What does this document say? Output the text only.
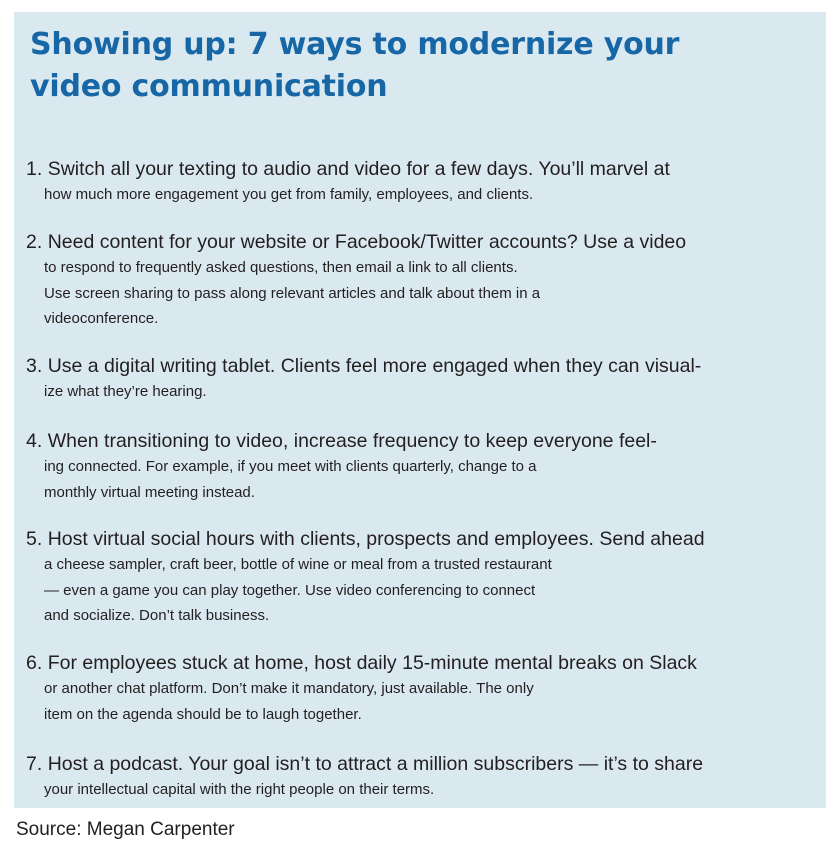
Showing up: 7 ways to modernize your
video communication
1. Switch all your texting to audio and video for a few days. You’ll marvel at
how much more engagement you get from family, employees, and clients.
2. Need content for your website or Facebook/Twitter accounts? Use a video
to respond to frequently asked questions, then email a link to all clients.
Use screen sharing to pass along relevant articles and talk about them in a
videoconference.
3. Use a digital writing tablet. Clients feel more engaged when they can visual-
ize what they’re hearing.
4. When transitioning to video, increase frequency to keep everyone feel-
ing connected. For example, if you meet with clients quarterly, change to a
monthly virtual meeting instead.
5. Host virtual social hours with clients, prospects and employees. Send ahead
a cheese sampler, craft beer, bottle of wine or meal from a trusted restaurant
— even a game you can play together. Use video conferencing to connect
and socialize. Don’t talk business.
6. For employees stuck at home, host daily 15-minute mental breaks on Slack
or another chat platform. Don’t make it mandatory, just available. The only
item on the agenda should be to laugh together.
7. Host a podcast. Your goal isn’t to attract a million subscribers — it’s to share
your intellectual capital with the right people on their terms.
Source: Megan Carpenter
